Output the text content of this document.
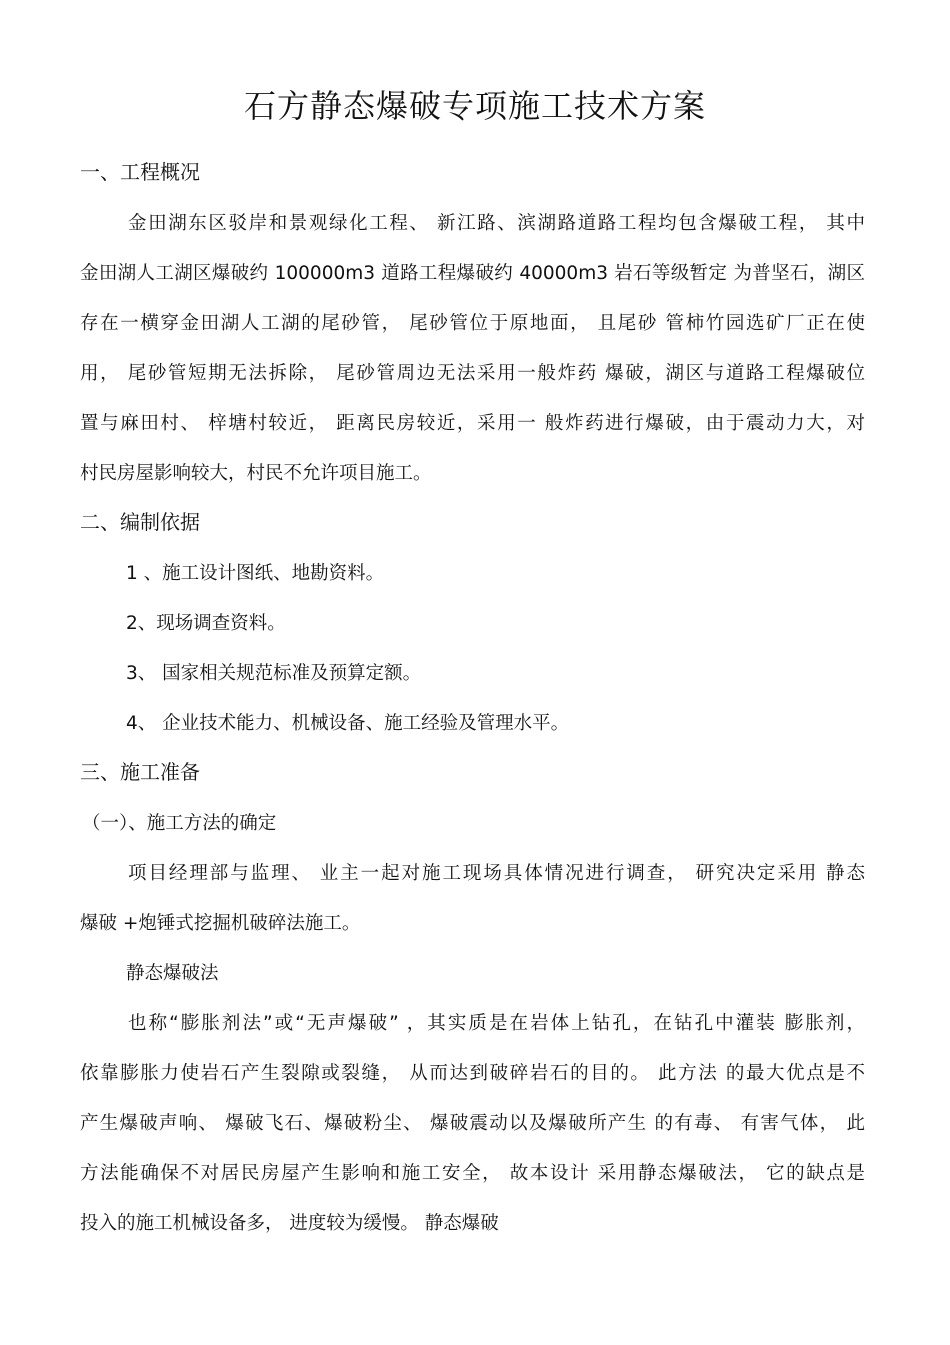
石方静态爆破专项施工技术方案
一、工程概况
金田湖东区驳岸和景观绿化工程、 新江路、滨湖路道路工程均包含爆破工程， 其中
金田湖人工湖区爆破约 100000m3 道路工程爆破约 40000m3 岩石等级暂定 为普坚石，湖区
存在一横穿金田湖人工湖的尾砂管， 尾砂管位于原地面， 且尾砂 管柿竹园选矿厂正在使
用， 尾砂管短期无法拆除， 尾砂管周边无法采用一般炸药 爆破，湖区与道路工程爆破位
置与麻田村、 梓塘村较近， 距离民房较近，采用一 般炸药进行爆破，由于震动力大，对
村民房屋影响较大，村民不允许项目施工。
二、编制依据
1 、施工设计图纸、地勘资料。
2、现场调查资料。
3、 国家相关规范标准及预算定额。
4、 企业技术能力、机械设备、施工经验及管理水平。
三、施工准备
（一）、施工方法的确定
项目经理部与监理、 业主一起对施工现场具体情况进行调查， 研究决定采用 静态
爆破 +炮锤式挖掘机破碎法施工。
静态爆破法
也称“膨胀剂法”或“无声爆破” ，其实质是在岩体上钻孔，在钻孔中灌装 膨胀剂，
依靠膨胀力使岩石产生裂隙或裂缝， 从而达到破碎岩石的目的。 此方法 的最大优点是不
产生爆破声响、 爆破飞石、爆破粉尘、 爆破震动以及爆破所产生 的有毒、 有害气体， 此
方法能确保不对居民房屋产生影响和施工安全， 故本设计 采用静态爆破法， 它的缺点是
投入的施工机械设备多， 进度较为缓慢。 静态爆破
